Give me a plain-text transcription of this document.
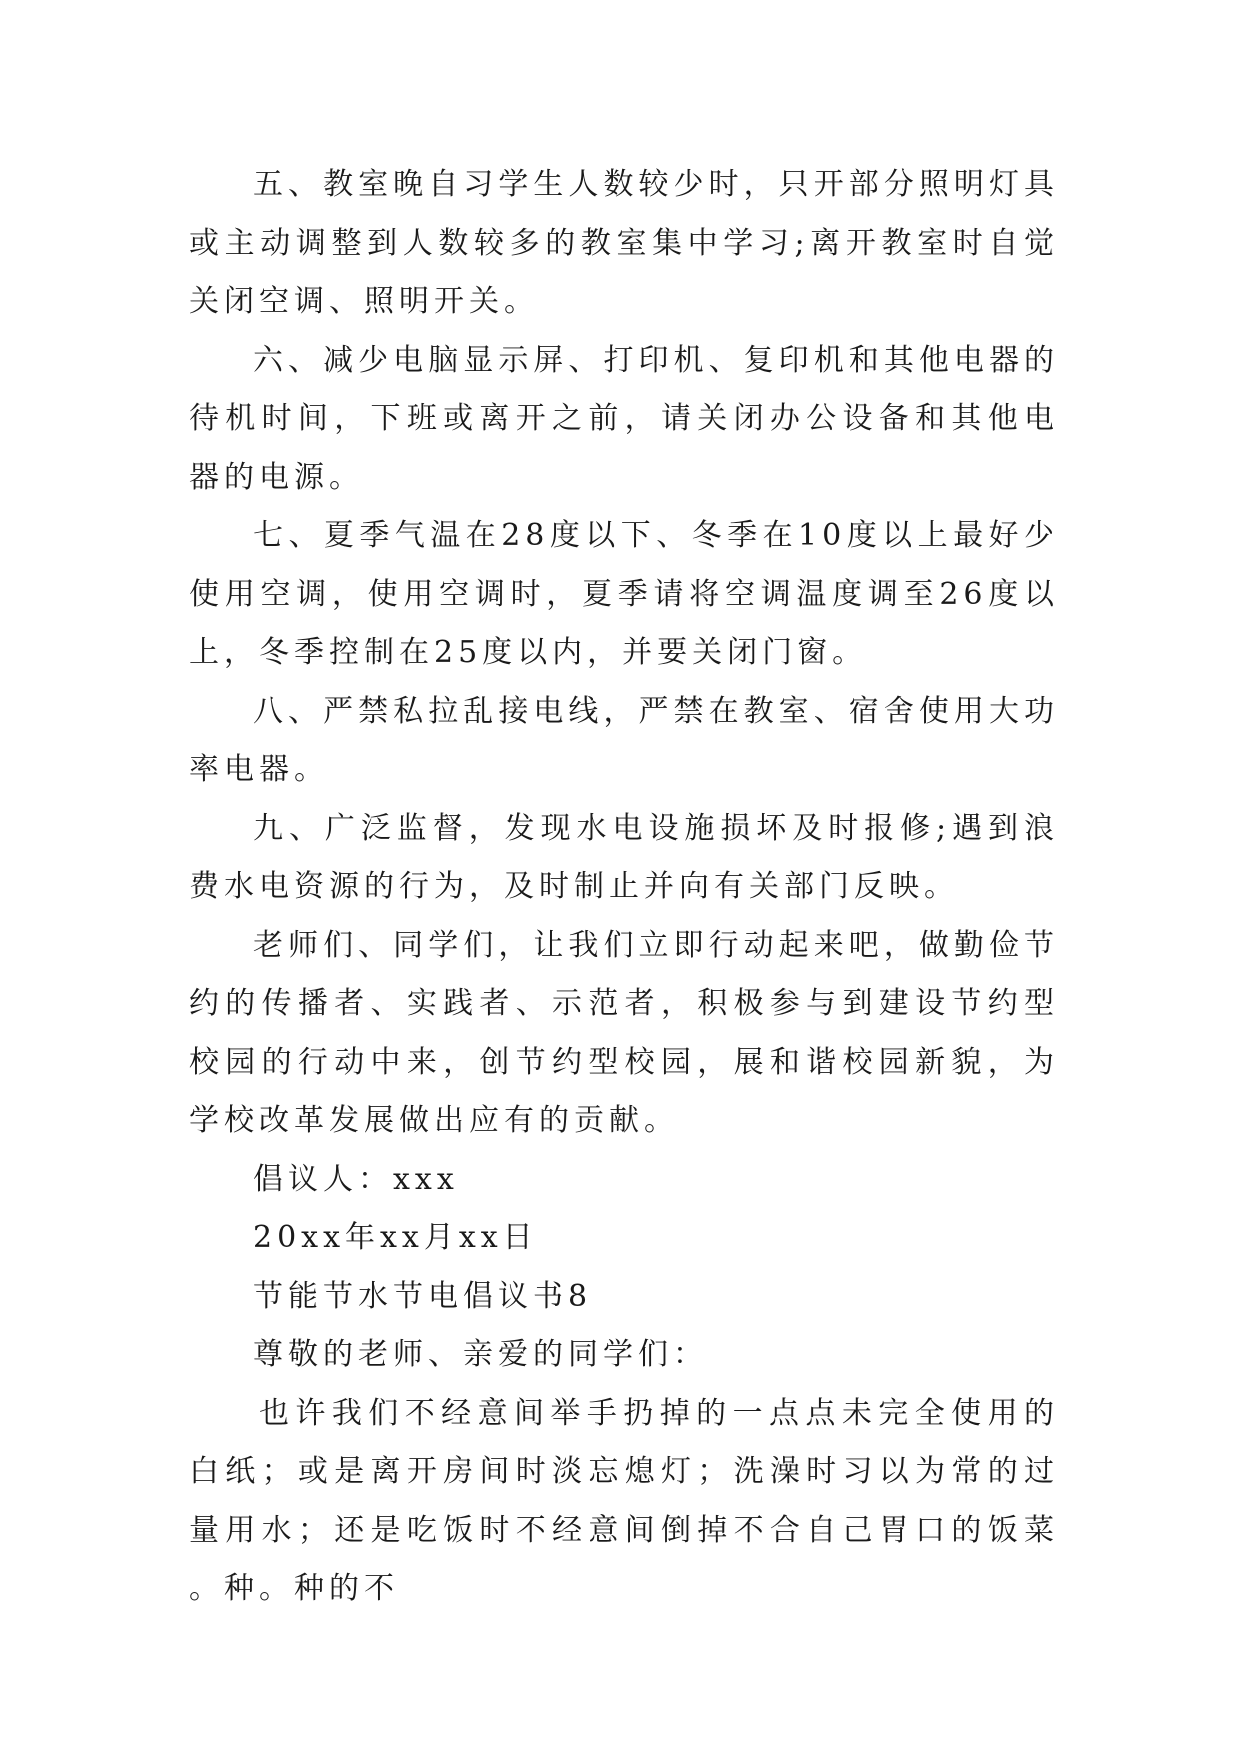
五、教室晚自习学生人数较少时，只开部分照明灯具或主动调整到人数较多的教室集中学习;离开教室时自觉关闭空调、照明开关。

六、减少电脑显示屏、打印机、复印机和其他电器的待机时间，下班或离开之前，请关闭办公设备和其他电器的电源。

七、夏季气温在28度以下、冬季在10度以上最好少使用空调，使用空调时，夏季请将空调温度调至26度以上，冬季控制在25度以内，并要关闭门窗。

八、严禁私拉乱接电线，严禁在教室、宿舍使用大功率电器。

九、广泛监督，发现水电设施损坏及时报修;遇到浪费水电资源的行为，及时制止并向有关部门反映。

老师们、同学们，让我们立即行动起来吧，做勤俭节约的传播者、实践者、示范者，积极参与到建设节约型校园的行动中来，创节约型校园，展和谐校园新貌，为学校改革发展做出应有的贡献。

倡议人：xxx

20xx年xx月xx日

节能节水节电倡议书8

尊敬的老师、亲爱的同学们：

也许我们不经意间举手扔掉的一点点未完全使用的白纸；或是离开房间时淡忘熄灯；洗澡时习以为常的过量用水；还是吃饭时不经意间倒掉不合自己胃口的饭菜。种。种的不
